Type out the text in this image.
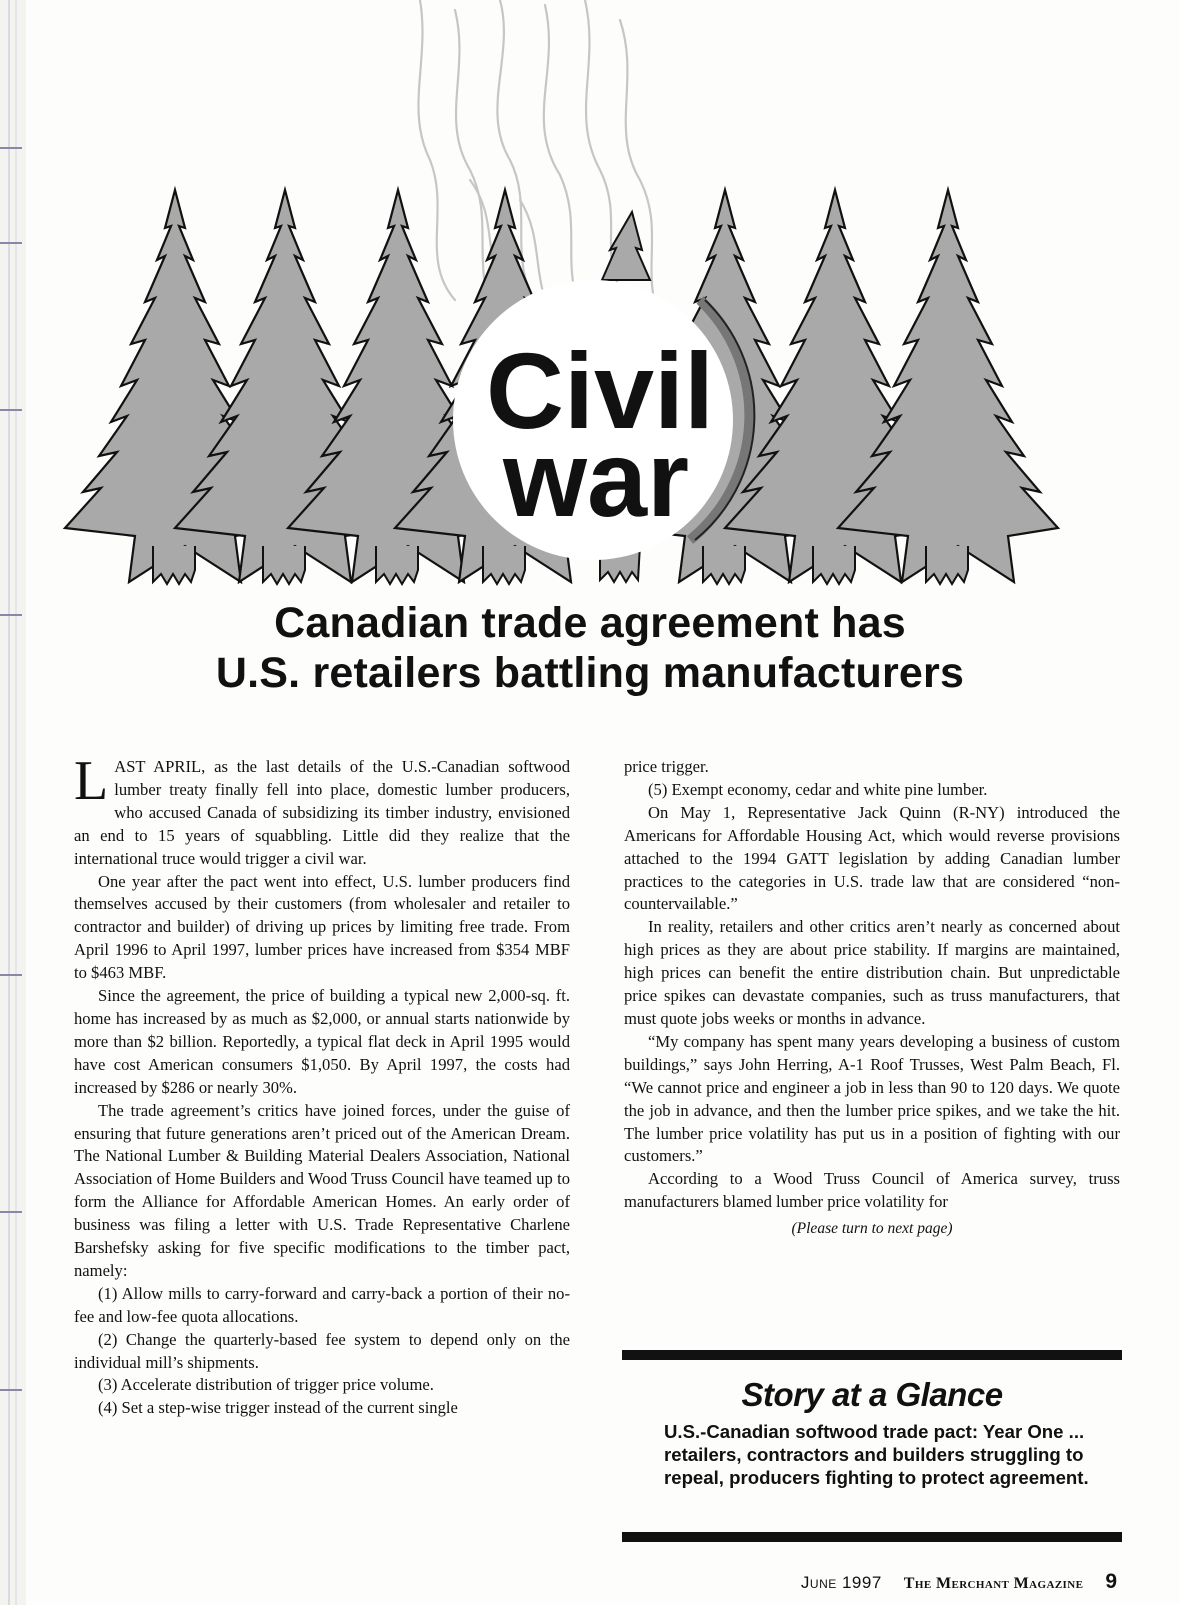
Civil
war
Canadian trade agreement has
U.S. retailers battling manufacturers

LAST APRIL, as the last details of the U.S.-Canadian softwood lumber treaty finally fell into place, domestic lumber producers, who accused Canada of subsidizing its timber industry, envisioned an end to 15 years of squabbling. Little did they realize that the international truce would trigger a civil war.

One year after the pact went into effect, U.S. lumber producers find themselves accused by their customers (from wholesaler and retailer to contractor and builder) of driving up prices by limiting free trade. From April 1996 to April 1997, lumber prices have increased from $354 MBF to $463 MBF.

Since the agreement, the price of building a typical new 2,000-sq. ft. home has increased by as much as $2,000, or annual starts nationwide by more than $2 billion. Reportedly, a typical flat deck in April 1995 would have cost American consumers $1,050. By April 1997, the costs had increased by $286 or nearly 30%.

The trade agreement’s critics have joined forces, under the guise of ensuring that future generations aren’t priced out of the American Dream. The National Lumber & Building Material Dealers Association, National Association of Home Builders and Wood Truss Council have teamed up to form the Alliance for Affordable American Homes. An early order of business was filing a letter with U.S. Trade Representative Charlene Barshefsky asking for five specific modifications to the timber pact, namely:

(1) Allow mills to carry-forward and carry-back a portion of their no-fee and low-fee quota allocations.

(2) Change the quarterly-based fee system to depend only on the individual mill’s shipments.

(3) Accelerate distribution of trigger price volume.

(4) Set a step-wise trigger instead of the current single

price trigger.

(5) Exempt economy, cedar and white pine lumber.

On May 1, Representative Jack Quinn (R-NY) introduced the Americans for Affordable Housing Act, which would reverse provisions attached to the 1994 GATT legislation by adding Canadian lumber practices to the categories in U.S. trade law that are considered “non-countervailable.”

In reality, retailers and other critics aren’t nearly as concerned about high prices as they are about price stability. If margins are maintained, high prices can benefit the entire distribution chain. But unpredictable price spikes can devastate companies, such as truss manufacturers, that must quote jobs weeks or months in advance.

“My company has spent many years developing a business of custom buildings,” says John Herring, A-1 Roof Trusses, West Palm Beach, Fl. “We cannot price and engineer a job in less than 90 to 120 days. We quote the job in advance, and then the lumber price spikes, and we take the hit. The lumber price volatility has put us in a position of fighting with our customers.”

According to a Wood Truss Council of America survey, truss manufacturers blamed lumber price volatility for

(Please turn to next page)

Story at a Glance
U.S.-Canadian softwood trade pact: Year One ... retailers, contractors and builders struggling to repeal, producers fighting to protect agreement.
June 1997 The Merchant Magazine 9
